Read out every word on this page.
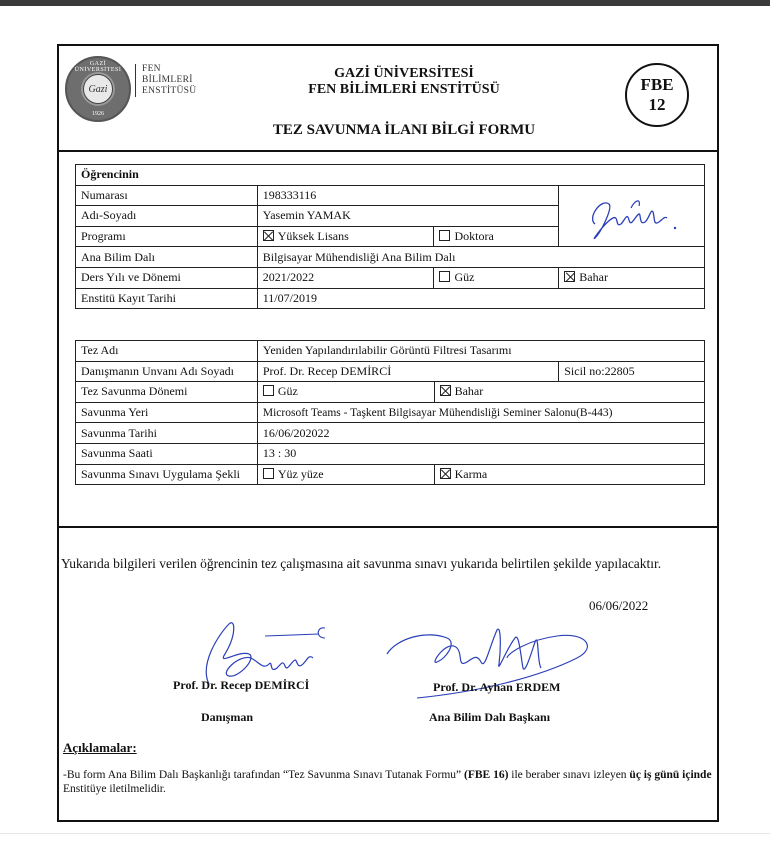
GAZİ ÜNİVERSİTESİ
Gazi
1926
FEN
BİLİMLERİ
ENSTİTÜSÜ
GAZİ ÜNİVERSİTESİ
FEN BİLİMLERİ ENSTİTÜSÜ
TEZ SAVUNMA İLANI BİLGİ FORMU
FBE
12
Öğrencinin			
Numarası	198333116	

Adı-Soyadı	Yasemin YAMAK		
Programı	Yüksek Lisans	Doktora	
Ana Bilim Dalı	Bilgisayar Mühendisliği Ana Bilim Dalı		
Ders Yılı ve Dönemi	2021/2022	Güz	Bahar
Enstitü Kayıt Tarihi	11/07/2019		
Tez Adı	Yeniden Yapılandırılabilir Görüntü Filtresi Tasarımı		
Danışmanın Unvanı Adı Soyadı	Prof. Dr. Recep DEMİRCİ		Sicil no:22805
Tez Savunma Dönemi	Güz	Bahar	
Savunma Yeri	Microsoft Teams - Taşkent Bilgisayar Mühendisliği Seminer Salonu(B-443)		
Savunma Tarihi	16/06/202022		
Savunma Saati	13 : 30		
Savunma Sınavı Uygulama Şekli	Yüz yüze	Karma	
Yukarıda bilgileri verilen öğrencinin tez çalışmasına ait savunma sınavı yukarıda belirtilen şekilde yapılacaktır.
06/06/2022
Prof. Dr. Recep DEMİRCİ
Danışman
Prof. Dr. Ayhan ERDEM
Ana Bilim Dalı Başkanı
Açıklamalar:
-Bu form Ana Bilim Dalı Başkanlığı tarafından “Tez Savunma Sınavı Tutanak Formu” (FBE 16) ile beraber sınavı izleyen üç iş günü içinde Enstitüye iletilmelidir.
